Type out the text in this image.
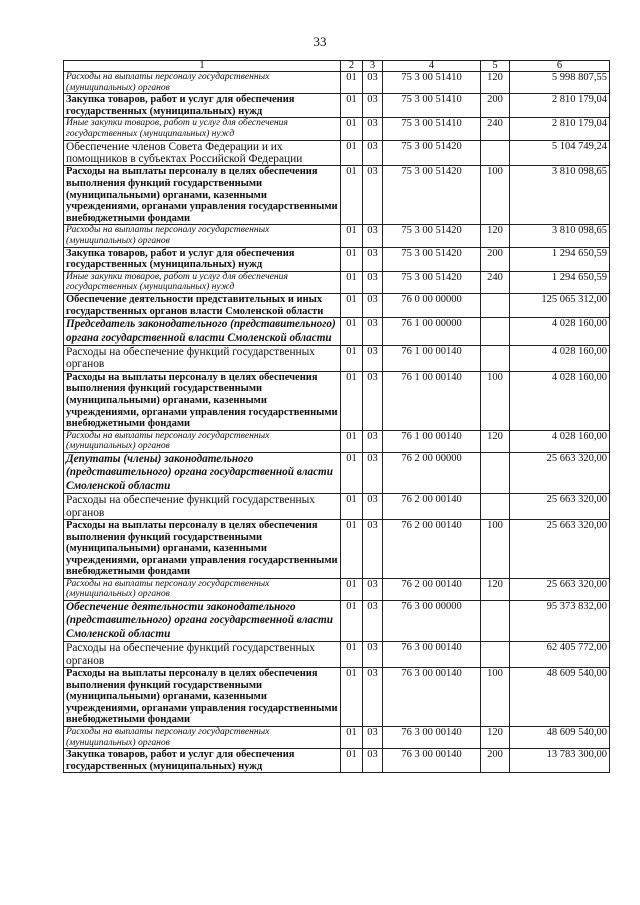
33
1	2	3	4	5	6
Расходы на выплаты персоналу государственных (муниципальных) органов	01	03	75 3 00 51410	120	5 998 807,55
Закупка товаров, работ и услуг для обеспечения государственных (муниципальных) нужд	01	03	75 3 00 51410	200	2 810 179,04
Иные закупки товаров, работ и услуг для обеспечения государственных (муниципальных) нужд	01	03	75 3 00 51410	240	2 810 179,04
Обеспечение членов Совета Федерации и их помощников в субъектах Российской Федерации	01	03	75 3 00 51420		5 104 749,24
Расходы на выплаты персоналу в целях обеспечения выполнения функций государственными (муниципальными) органами, казенными учреждениями, органами управления государственными внебюджетными фондами	01	03	75 3 00 51420	100	3 810 098,65
Расходы на выплаты персоналу государственных (муниципальных) органов	01	03	75 3 00 51420	120	3 810 098,65
Закупка товаров, работ и услуг для обеспечения государственных (муниципальных) нужд	01	03	75 3 00 51420	200	1 294 650,59
Иные закупки товаров, работ и услуг для обеспечения государственных (муниципальных) нужд	01	03	75 3 00 51420	240	1 294 650,59
Обеспечение деятельности представительных и иных государственных органов власти Смоленской области	01	03	76 0 00 00000		125 065 312,00
Председатель законодательного (представительного) органа государственной власти Смоленской области	01	03	76 1 00 00000		4 028 160,00
Расходы на обеспечение функций государственных органов	01	03	76 1 00 00140		4 028 160,00
Расходы на выплаты персоналу в целях обеспечения выполнения функций государственными (муниципальными) органами, казенными учреждениями, органами управления государственными внебюджетными фондами	01	03	76 1 00 00140	100	4 028 160,00
Расходы на выплаты персоналу государственных (муниципальных) органов	01	03	76 1 00 00140	120	4 028 160,00
Депутаты (члены) законодательного (представительного) органа государственной власти Смоленской области	01	03	76 2 00 00000		25 663 320,00
Расходы на обеспечение функций государственных органов	01	03	76 2 00 00140		25 663 320,00
Расходы на выплаты персоналу в целях обеспечения выполнения функций государственными (муниципальными) органами, казенными учреждениями, органами управления государственными внебюджетными фондами	01	03	76 2 00 00140	100	25 663 320,00
Расходы на выплаты персоналу государственных (муниципальных) органов	01	03	76 2 00 00140	120	25 663 320,00
Обеспечение деятельности законодательного (представительного) органа государственной власти Смоленской области	01	03	76 3 00 00000		95 373 832,00
Расходы на обеспечение функций государственных органов	01	03	76 3 00 00140		62 405 772,00
Расходы на выплаты персоналу в целях обеспечения выполнения функций государственными (муниципальными) органами, казенными учреждениями, органами управления государственными внебюджетными фондами	01	03	76 3 00 00140	100	48 609 540,00
Расходы на выплаты персоналу государственных (муниципальных) органов	01	03	76 3 00 00140	120	48 609 540,00
Закупка товаров, работ и услуг для обеспечения государственных (муниципальных) нужд	01	03	76 3 00 00140	200	13 783 300,00
